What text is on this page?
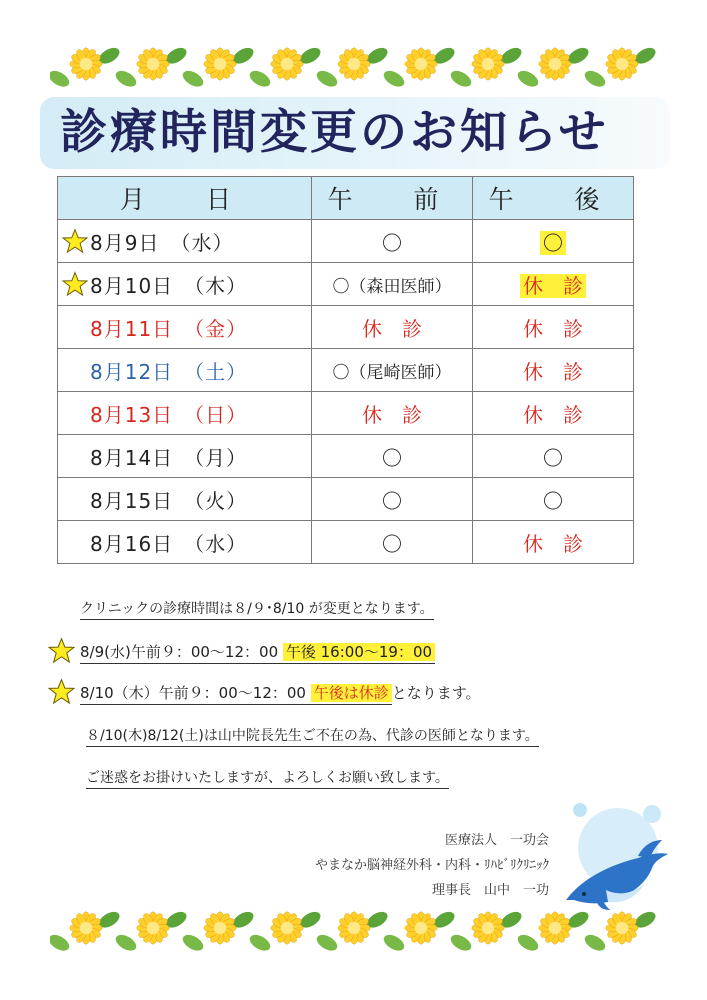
診療時間変更のお知らせ
月　日	午　前	午　後

8月9日　（水）	〇	〇

8月10日　（木）	〇（森田医師）	休　診
8月11日　（金）	休　診	休　診
8月12日　（土）	〇（尾崎医師）	休　診
8月13日　（日）	休　診	休　診
8月14日　（月）	〇	〇
8月15日　（火）	〇	〇
8月16日　（水）	〇	休　診
クリニックの診療時間は８/９･8/10 が変更となります。
8/9(水)午前９：00～12：00 午後 16:00～19：00
8/10（木）午前９：00～12：00 午後は休診 となります。
８/10(木)8/12(土)は山中院長先生ご不在の為、代診の医師となります。
ご迷惑をお掛けいたしますが、よろしくお願い致します。
医療法人　一功会
やまなか脳神経外科・内科・ﾘﾊﾋﾞﾘｸﾘﾆｯｸ
理事長　山中　一功
